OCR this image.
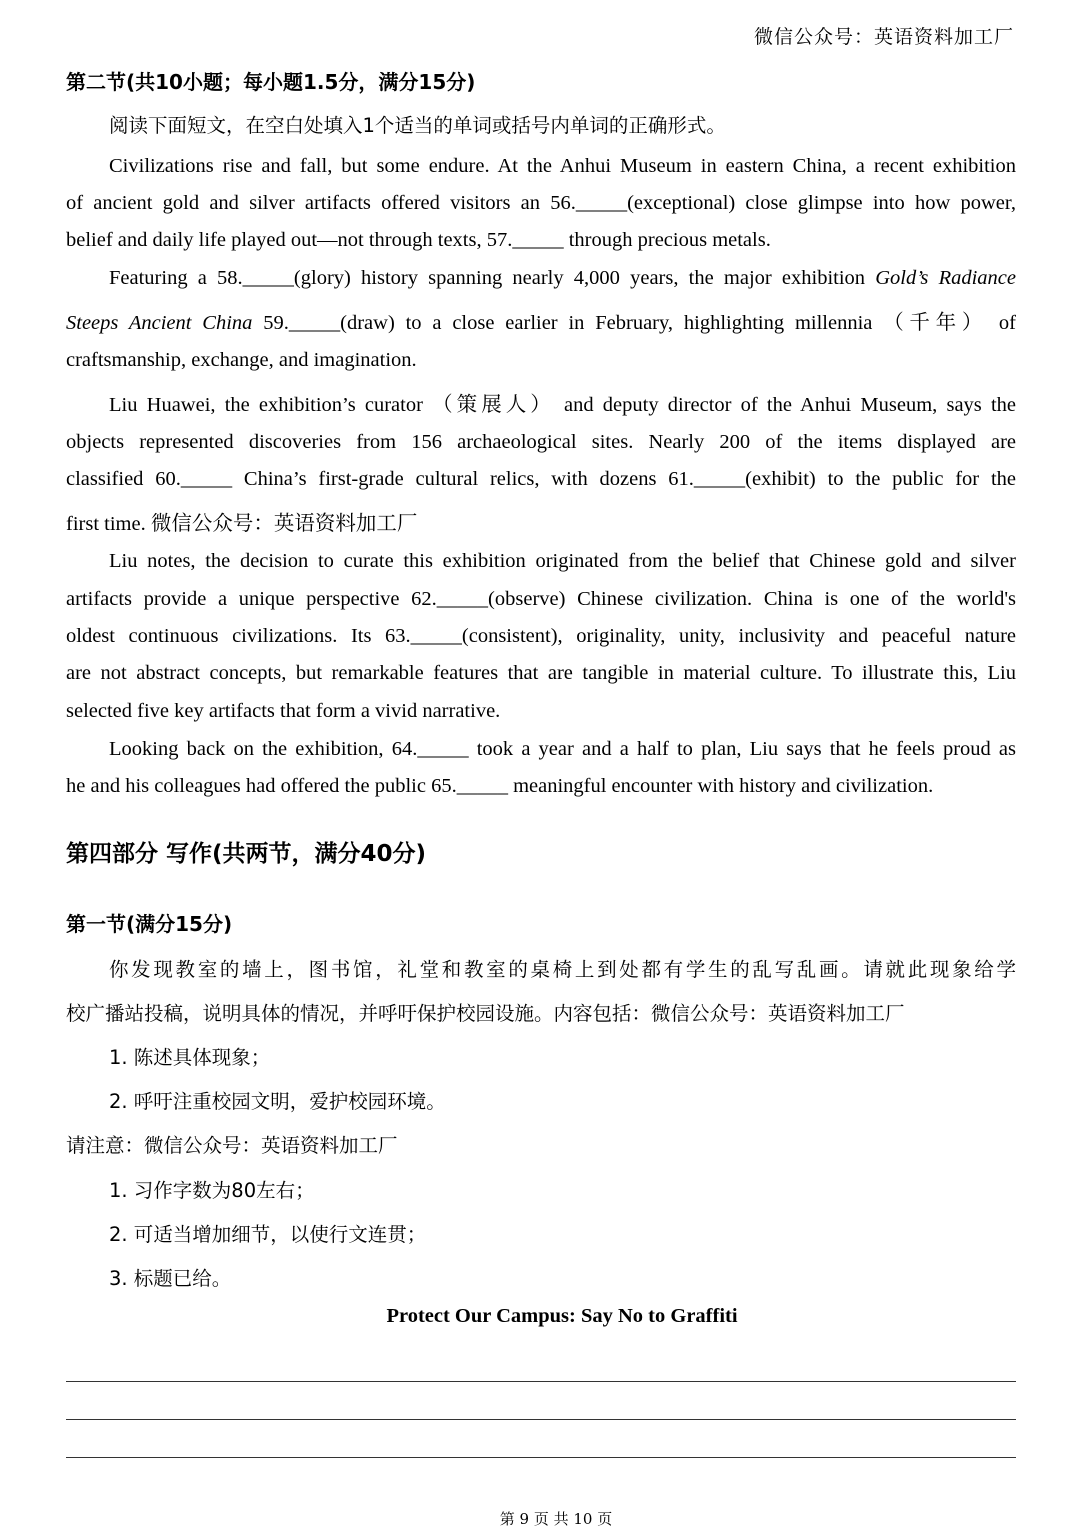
微信公众号：英语资料加工厂
第二节(共10小题；每小题1.5分，满分15分)
阅读下面短文，在空白处填入1个适当的单词或括号内单词的正确形式。
Civilizations rise and fall, but some endure. At the Anhui Museum in eastern China, a recent exhibition
of ancient gold and silver artifacts offered visitors an 56._____(exceptional) close glimpse into how power,
belief and daily life played out—not through texts, 57._____ through precious metals.
Featuring a 58._____(glory) history spanning nearly 4,000 years, the major exhibition Gold’s Radiance
Steeps Ancient China 59._____(draw) to a close earlier in February, highlighting millennia （千年） of
craftsmanship, exchange, and imagination.
Liu Huawei, the exhibition’s curator （策展人） and deputy director of the Anhui Museum, says the
objects represented discoveries from 156 archaeological sites. Nearly 200 of the items displayed are
classified 60._____ China’s first-grade cultural relics, with dozens 61._____(exhibit) to the public for the
first time. 微信公众号：英语资料加工厂
Liu notes, the decision to curate this exhibition originated from the belief that Chinese gold and silver
artifacts provide a unique perspective 62._____(observe) Chinese civilization. China is one of the world's
oldest continuous civilizations. Its 63._____(consistent), originality, unity, inclusivity and peaceful nature
are not abstract concepts, but remarkable features that are tangible in material culture. To illustrate this, Liu
selected five key artifacts that form a vivid narrative.
Looking back on the exhibition, 64._____ took a year and a half to plan, Liu says that he feels proud as
he and his colleagues had offered the public 65._____ meaningful encounter with history and civilization.
第四部分 写作(共两节，满分40分)
第一节(满分15分)
你发现教室的墙上，图书馆，礼堂和教室的桌椅上到处都有学生的乱写乱画。请就此现象给学
校广播站投稿，说明具体的情况，并呼吁保护校园设施。内容包括：微信公众号：英语资料加工厂
1. 陈述具体现象；
2. 呼吁注重校园文明，爱护校园环境。
请注意：微信公众号：英语资料加工厂
1. 习作字数为80左右；
2. 可适当增加细节，以使行文连贯；
3. 标题已给。
Protect Our Campus: Say No to Graffiti
第 9 页 共 10 页
